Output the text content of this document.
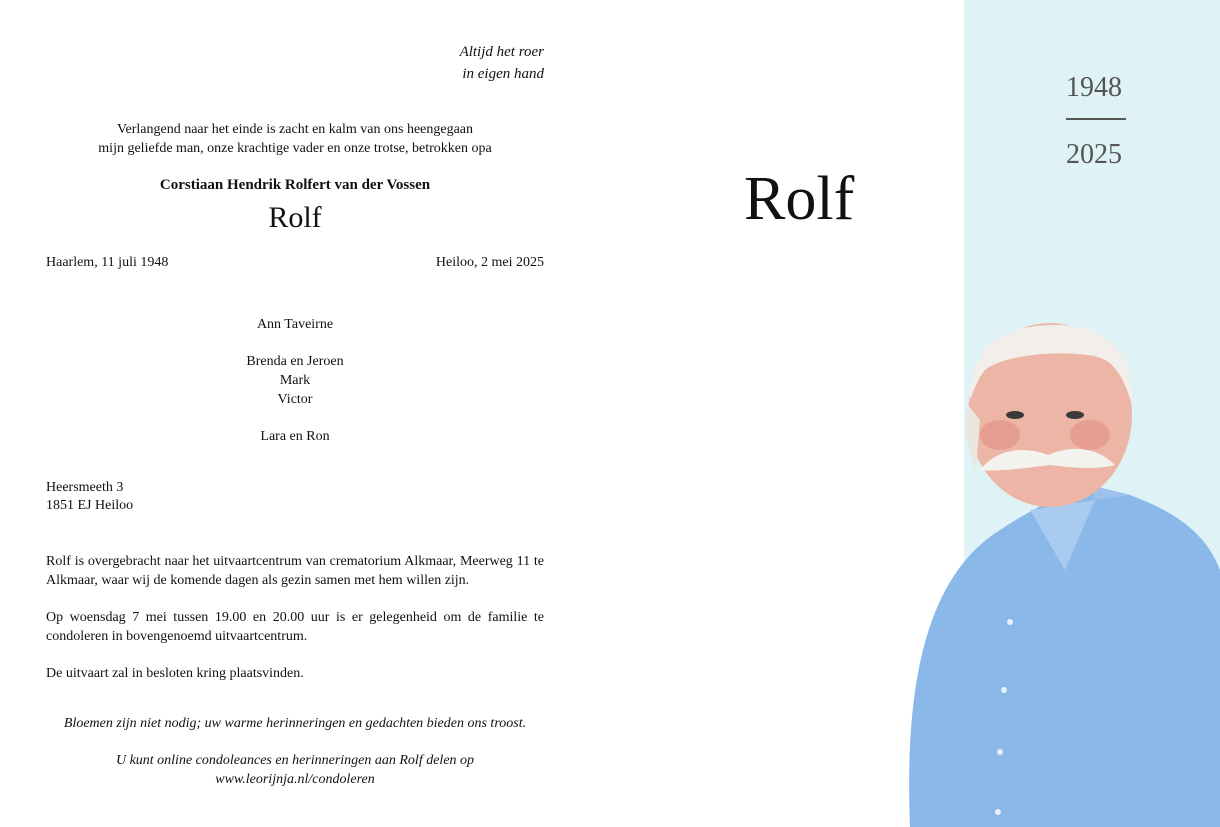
Altijd het roer
in eigen hand
Verlangend naar het einde is zacht en kalm van ons heengegaan
mijn geliefde man, onze krachtige vader en onze trotse, betrokken opa
Corstiaan Hendrik Rolfert van der Vossen
Rolf
Haarlem, 11 juli 1948	Heiloo, 2 mei 2025
Ann Taveirne
Brenda en Jeroen
Mark
Victor
Lara en Ron
Heersmeeth 3
1851 EJ Heiloo

Rolf is overgebracht naar het uitvaartcentrum van crematorium Alkmaar, Meerweg 11 te Alkmaar, waar wij de komende dagen als gezin samen met hem willen zijn.

Op woensdag 7 mei tussen 19.00 en 20.00 uur is er gelegenheid om de familie te condoleren in bovengenoemd uitvaartcentrum.

De uitvaart zal in besloten kring plaatsvinden.

Bloemen zijn niet nodig; uw warme herinneringen en gedachten bieden ons troost.

U kunt online condoleances en herinneringen aan Rolf delen op
www.leorijnja.nl/condoleren
Rolf
1948
2025
